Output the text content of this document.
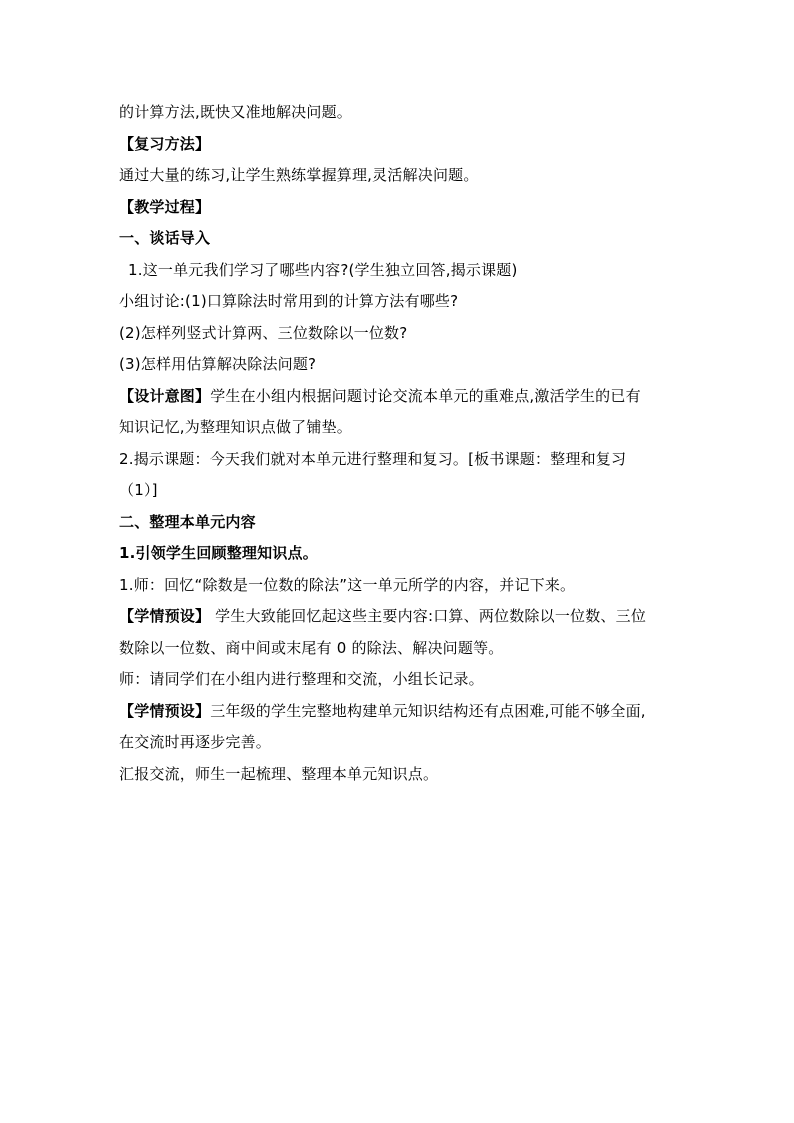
的计算方法,既快又准地解决问题。
【复习方法】
通过大量的练习,让学生熟练掌握算理,灵活解决问题。
【教学过程】
一、谈话导入
1.这一单元我们学习了哪些内容?(学生独立回答,揭示课题)
小组讨论:(1)口算除法时常用到的计算方法有哪些?
(2)怎样列竖式计算两、三位数除以一位数?
(3)怎样用估算解决除法问题?
【设计意图】学生在小组内根据问题讨论交流本单元的重难点,激活学生的已有
知识记忆,为整理知识点做了铺垫。
2.揭示课题：今天我们就对本单元进行整理和复习。[板书课题：整理和复习
（1）]
二、整理本单元内容
1.引领学生回顾整理知识点。
1.师：回忆“除数是一位数的除法”这一单元所学的内容，并记下来。
【学情预设】 学生大致能回忆起这些主要内容:口算、两位数除以一位数、三位
数除以一位数、商中间或末尾有 0 的除法、解决问题等。
师：请同学们在小组内进行整理和交流，小组长记录。
【学情预设】三年级的学生完整地构建单元知识结构还有点困难,可能不够全面,
在交流时再逐步完善。
汇报交流，师生一起梳理、整理本单元知识点。
